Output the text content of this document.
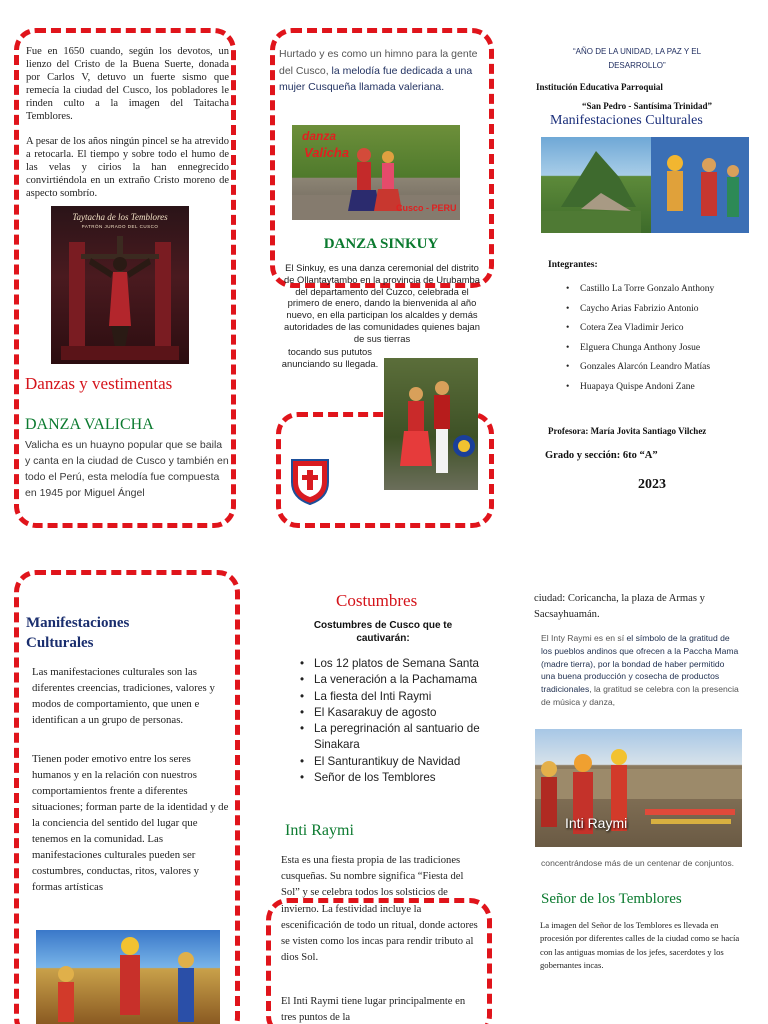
Fue en 1650 cuando, según los devotos, un lienzo del Cristo de la Buena Suerte, donada por Carlos V, detuvo un fuerte sismo que remecía la ciudad del Cusco, los pobladores le rinden culto a la imagen del Taitacha Temblores.
A pesar de los años ningún pincel se ha atrevido a retocarla. El tiempo y sobre todo el humo de las velas y cirios la han ennegrecido convirtiéndola en un extraño Cristo moreno de aspecto sombrío.
Taytacha de los Temblores
PATRÓN JURADO DEL CUSCO
Danzas y vestimentas
DANZA VALICHA
Valicha es un huayno popular que se baila y canta en la ciudad de Cusco y también en todo el Perú, esta melodía fue compuesta en 1945 por Miguel Ángel
Hurtado y es como un himno para la gente del Cusco, la melodía fue dedicada a una mujer Cusqueña llamada valeriana.
danza
Valicha
Cusco - PERU
DANZA SINKUY
El Sinkuy, es una danza ceremonial del distrito de Ollantaytambo en la provincia de Urubamba del departamento del Cuzco, celebrada el primero de enero, dando la bienvenida al año nuevo, en ella participan los alcaldes y demás autoridades de las comunidades quienes bajan de sus tierras
tocando sus pututos anunciando su llegada.
“AÑO DE LA UNIDAD, LA PAZ Y EL DESARROLLO”
Institución Educativa Parroquial
“San Pedro - Santísima Trinidad”
Manifestaciones Culturales
Integrantes:
• Castillo La Torre Gonzalo Anthony
• Caycho Arias Fabrizio Antonio
• Cotera Zea Vladimir Jerico
• Elguera Chunga Anthony Josue
• Gonzales Alarcón Leandro Matías
• Huapaya Quispe Andoni Zane
Profesora: María Jovita Santiago Vilchez
Grado y sección: 6to “A”
2023
Manifestaciones Culturales
Las manifestaciones culturales son las diferentes creencias, tradiciones, valores y modos de comportamiento, que unen e identifican a un grupo de personas.
Tienen poder emotivo entre los seres humanos y en la relación con nuestros comportamientos frente a diferentes situaciones; forman parte de la identidad y de la conciencia del sentido del lugar que tenemos en la comunidad. Las manifestaciones culturales pueden ser costumbres, conductas, ritos, valores y formas artísticas
Costumbres
Costumbres de Cusco que te cautivarán:
• Los 12 platos de Semana Santa
• La veneración a la Pachamama
• La fiesta del Inti Raymi
• El Kasarakuy de agosto
• La peregrinación al santuario de Sinakara
• El Santurantikuy de Navidad
• Señor de los Temblores
Inti Raymi
Esta es una fiesta propia de las tradiciones cusqueñas. Su nombre significa “Fiesta del Sol” y se celebra todos los solsticios de invierno. La festividad incluye la escenificación de todo un ritual, donde actores se visten como los incas para rendir tributo al dios Sol.
El Inti Raymi tiene lugar principalmente en tres puntos de la
ciudad: Coricancha, la plaza de Armas y Sacsayhuamán.
El Inty Raymi es en sí el símbolo de la gratitud de los pueblos andinos que ofrecen a la Paccha Mama (madre tierra), por la bondad de haber permitido una buena producción y cosecha de productos tradicionales, la gratitud se celebra con la presencia de música y danza,
Inti Raymi
concentrándose más de un centenar de conjuntos.
Señor de los Temblores
La imagen del Señor de los Temblores es llevada en procesión por diferentes calles de la ciudad como se hacía con las antiguas momias de los jefes, sacerdotes y los gobernantes incas.
